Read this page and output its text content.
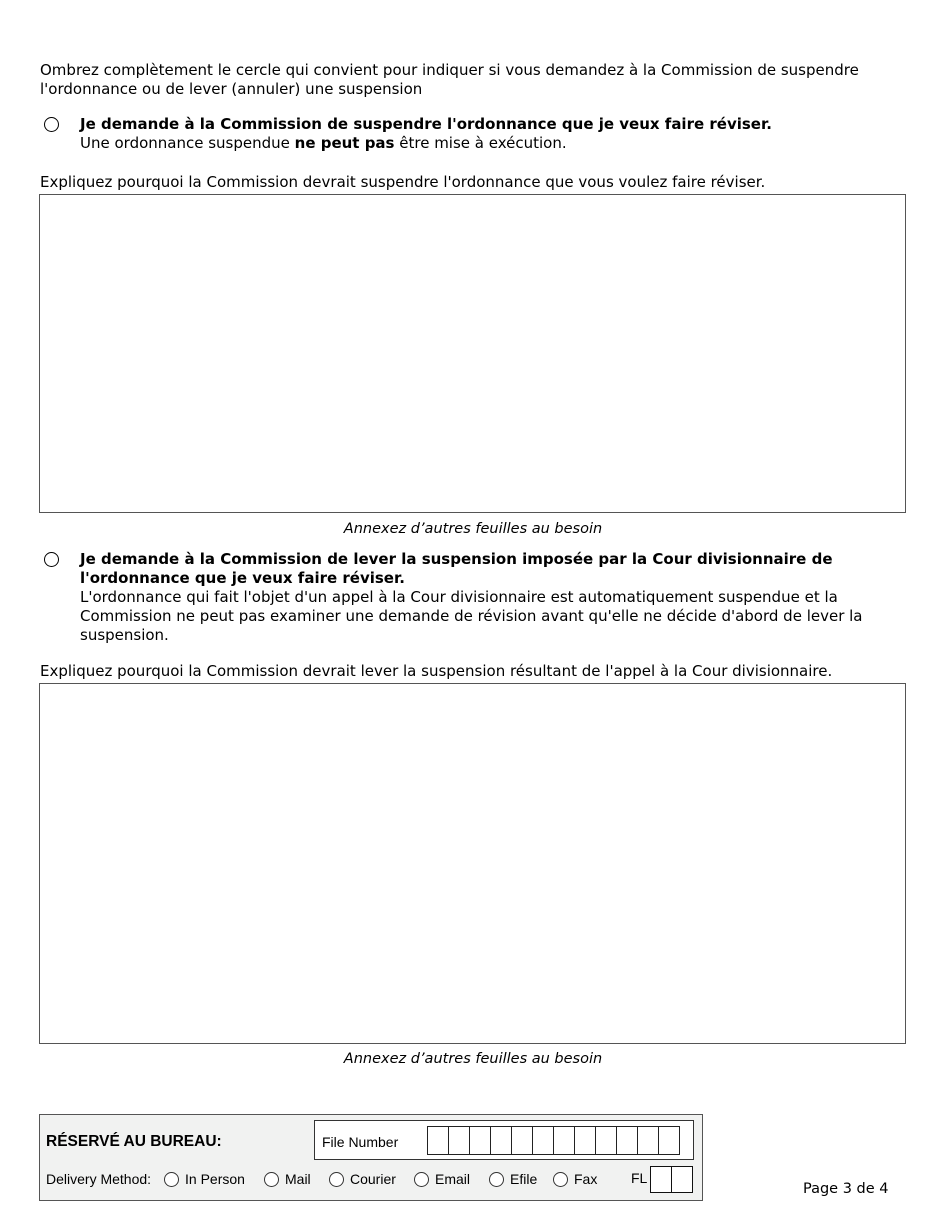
Ombrez complètement le cercle qui convient pour indiquer si vous demandez à la Commission de suspendre l'ordonnance ou de lever (annuler) une suspension
Je demande à la Commission de suspendre l'ordonnance que je veux faire réviser.
Une ordonnance suspendue ne peut pas être mise à exécution.
Expliquez pourquoi la Commission devrait suspendre l'ordonnance que vous voulez faire réviser.
Annexez d’autres feuilles au besoin
Je demande à la Commission de lever la suspension imposée par la Cour divisionnaire de l'ordonnance que je veux faire réviser.
L'ordonnance qui fait l'objet d'un appel à la Cour divisionnaire est automatiquement suspendue et la Commission ne peut pas examiner une demande de révision avant qu'elle ne décide d'abord de lever la suspension.
Expliquez pourquoi la Commission devrait lever la suspension résultant de l'appel à la Cour divisionnaire.
Annexez d’autres feuilles au besoin
RÉSERVÉ AU BUREAU:	File Number
Delivery Method: In Person	Mail	Courier	Email	Efile	Fax FL
Page 3 de 4
